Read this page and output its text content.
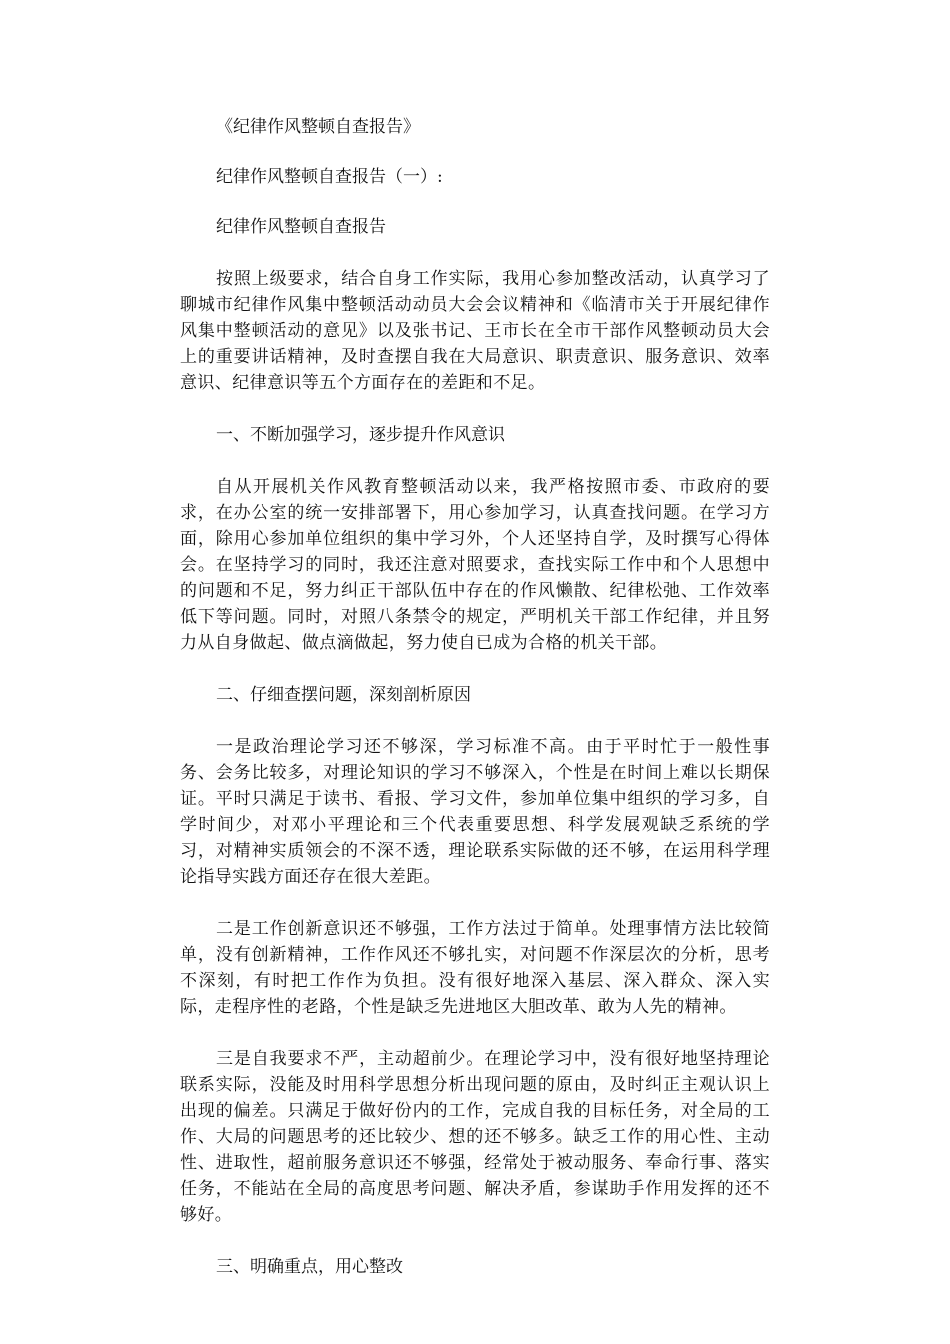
《纪律作风整顿自查报告》

纪律作风整顿自查报告（一）:

纪律作风整顿自查报告

按照上级要求，结合自身工作实际，我用心参加整改活动，认真学习了聊城市纪律作风集中整顿活动动员大会会议精神和《临清市关于开展纪律作风集中整顿活动的意见》以及张书记、王市长在全市干部作风整顿动员大会上的重要讲话精神，及时查摆自我在大局意识、职责意识、服务意识、效率意识、纪律意识等五个方面存在的差距和不足。

一、不断加强学习，逐步提升作风意识

自从开展机关作风教育整顿活动以来，我严格按照市委、市政府的要求，在办公室的统一安排部署下，用心参加学习，认真查找问题。在学习方面，除用心参加单位组织的集中学习外，个人还坚持自学，及时撰写心得体会。在坚持学习的同时，我还注意对照要求，查找实际工作中和个人思想中的问题和不足，努力纠正干部队伍中存在的作风懒散、纪律松弛、工作效率低下等问题。同时，对照八条禁令的规定，严明机关干部工作纪律，并且努力从自身做起、做点滴做起，努力使自已成为合格的机关干部。

二、仔细查摆问题，深刻剖析原因

一是政治理论学习还不够深，学习标准不高。由于平时忙于一般性事务、会务比较多，对理论知识的学习不够深入，个性是在时间上难以长期保证。平时只满足于读书、看报、学习文件，参加单位集中组织的学习多，自学时间少，对邓小平理论和三个代表重要思想、科学发展观缺乏系统的学习，对精神实质领会的不深不透，理论联系实际做的还不够，在运用科学理论指导实践方面还存在很大差距。

二是工作创新意识还不够强，工作方法过于简单。处理事情方法比较简单，没有创新精神，工作作风还不够扎实，对问题不作深层次的分析，思考不深刻，有时把工作作为负担。没有很好地深入基层、深入群众、深入实际，走程序性的老路，个性是缺乏先进地区大胆改革、敢为人先的精神。

三是自我要求不严，主动超前少。在理论学习中，没有很好地坚持理论联系实际，没能及时用科学思想分析出现问题的原由，及时纠正主观认识上出现的偏差。只满足于做好份内的工作，完成自我的目标任务，对全局的工作、大局的问题思考的还比较少、想的还不够多。缺乏工作的用心性、主动性、进取性，超前服务意识还不够强，经常处于被动服务、奉命行事、落实任务，不能站在全局的高度思考问题、解决矛盾，参谋助手作用发挥的还不够好。

三、明确重点，用心整改
